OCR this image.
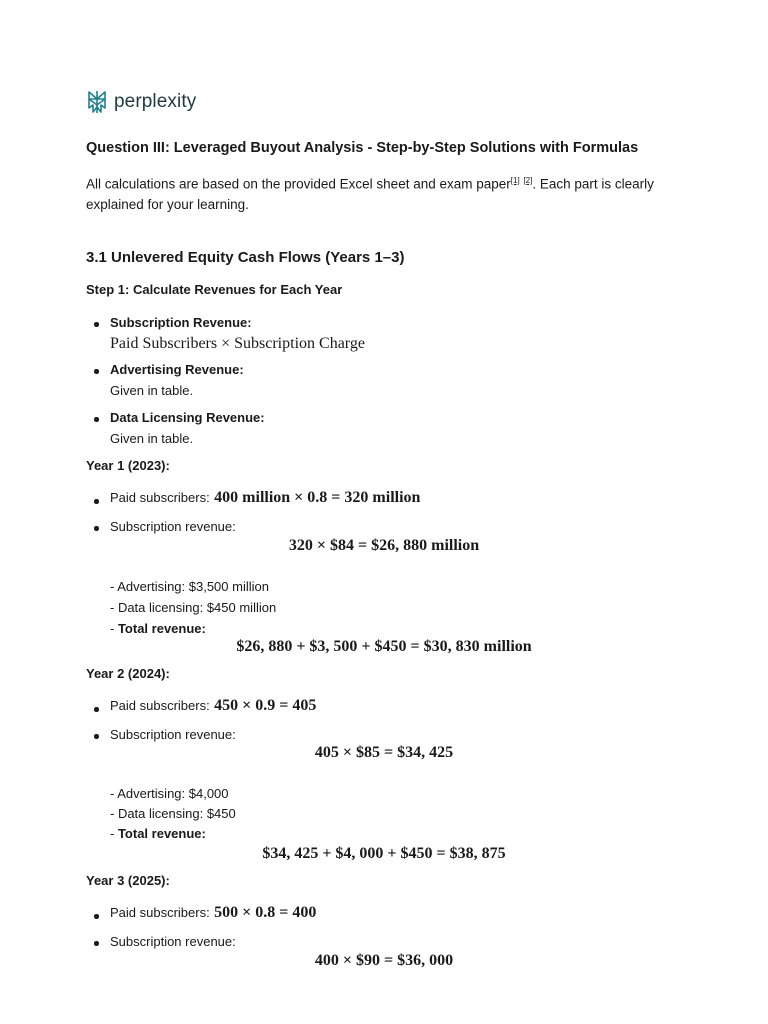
perplexity
Question III: Leveraged Buyout Analysis - Step-by-Step Solutions with Formulas
All calculations are based on the provided Excel sheet and exam paper[1] [2]. Each part is clearly
explained for your learning.
3.1 Unlevered Equity Cash Flows (Years 1–3)
Step 1: Calculate Revenues for Each Year
Subscription Revenue:
Paid Subscribers × Subscription Charge
Advertising Revenue:
Given in table.
Data Licensing Revenue:
Given in table.
Year 1 (2023):
Paid subscribers: 400 million × 0.8 = 320 million
Subscription revenue:
320 × $84 = $26, 880 million
- Advertising: $3,500 million
- Data licensing: $450 million
- Total revenue:
$26, 880 + $3, 500 + $450 = $30, 830 million
Year 2 (2024):
Paid subscribers: 450 × 0.9 = 405
Subscription revenue:
405 × $85 = $34, 425
- Advertising: $4,000
- Data licensing: $450
- Total revenue:
$34, 425 + $4, 000 + $450 = $38, 875
Year 3 (2025):
Paid subscribers: 500 × 0.8 = 400
Subscription revenue:
400 × $90 = $36, 000
